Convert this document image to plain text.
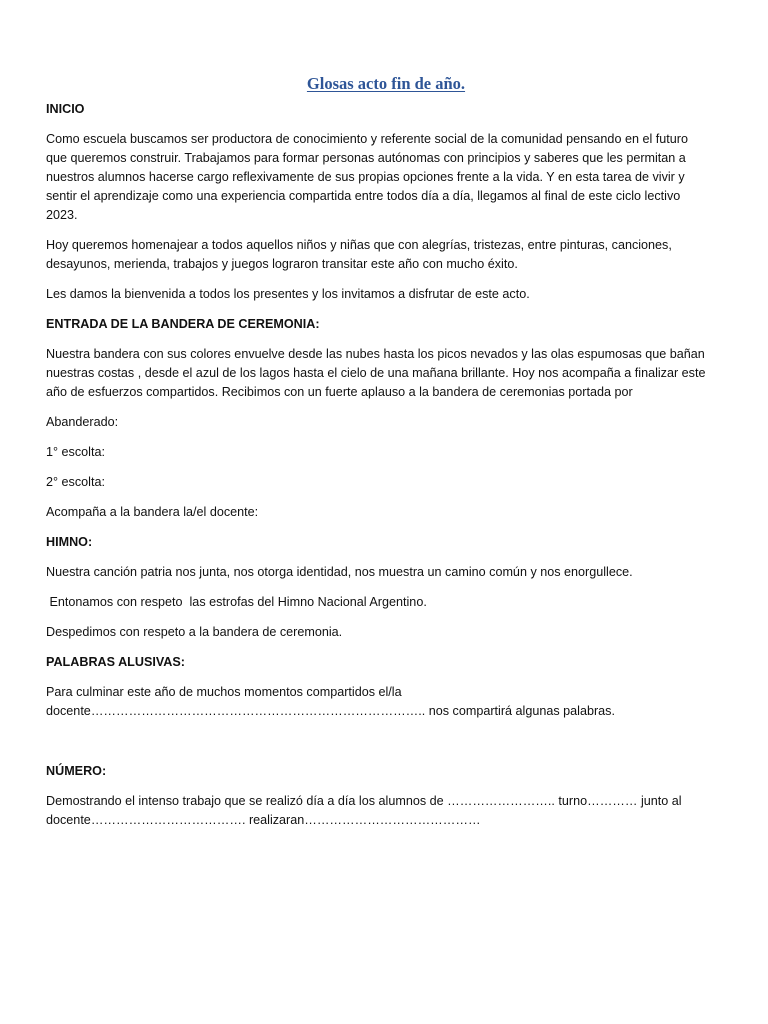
Glosas acto fin de año.
INICIO
Como escuela buscamos ser productora de conocimiento y referente social de la comunidad pensando en el futuro
que queremos construir. Trabajamos para formar personas autónomas con principios y saberes que les permitan a
nuestros alumnos hacerse cargo reflexivamente de sus propias opciones frente a la vida. Y en esta tarea de vivir y
sentir el aprendizaje como una experiencia compartida entre todos día a día, llegamos al final de este ciclo lectivo
2023.
Hoy queremos homenajear a todos aquellos niños y niñas que con alegrías, tristezas, entre pinturas, canciones,
desayunos, merienda, trabajos y juegos lograron transitar este año con mucho éxito.
Les damos la bienvenida a todos los presentes y los invitamos a disfrutar de este acto.
ENTRADA DE LA BANDERA DE CEREMONIA:
Nuestra bandera con sus colores envuelve desde las nubes hasta los picos nevados y las olas espumosas que bañan
nuestras costas , desde el azul de los lagos hasta el cielo de una mañana brillante. Hoy nos acompaña a finalizar este
año de esfuerzos compartidos. Recibimos con un fuerte aplauso a la bandera de ceremonias portada por
Abanderado:
1° escolta:
2° escolta:
Acompaña a la bandera la/el docente:
HIMNO:
Nuestra canción patria nos junta, nos otorga identidad, nos muestra un camino común y nos enorgullece.
Entonamos con respeto  las estrofas del Himno Nacional Argentino.
Despedimos con respeto a la bandera de ceremonia.
PALABRAS ALUSIVAS:
Para culminar este año de muchos momentos compartidos el/la
docente…………………………………………………………………….. nos compartirá algunas palabras.
NÚMERO:
Demostrando el intenso trabajo que se realizó día a día los alumnos de …………………….. turno………… junto al
docente………………………………. realizaran……………………………………
